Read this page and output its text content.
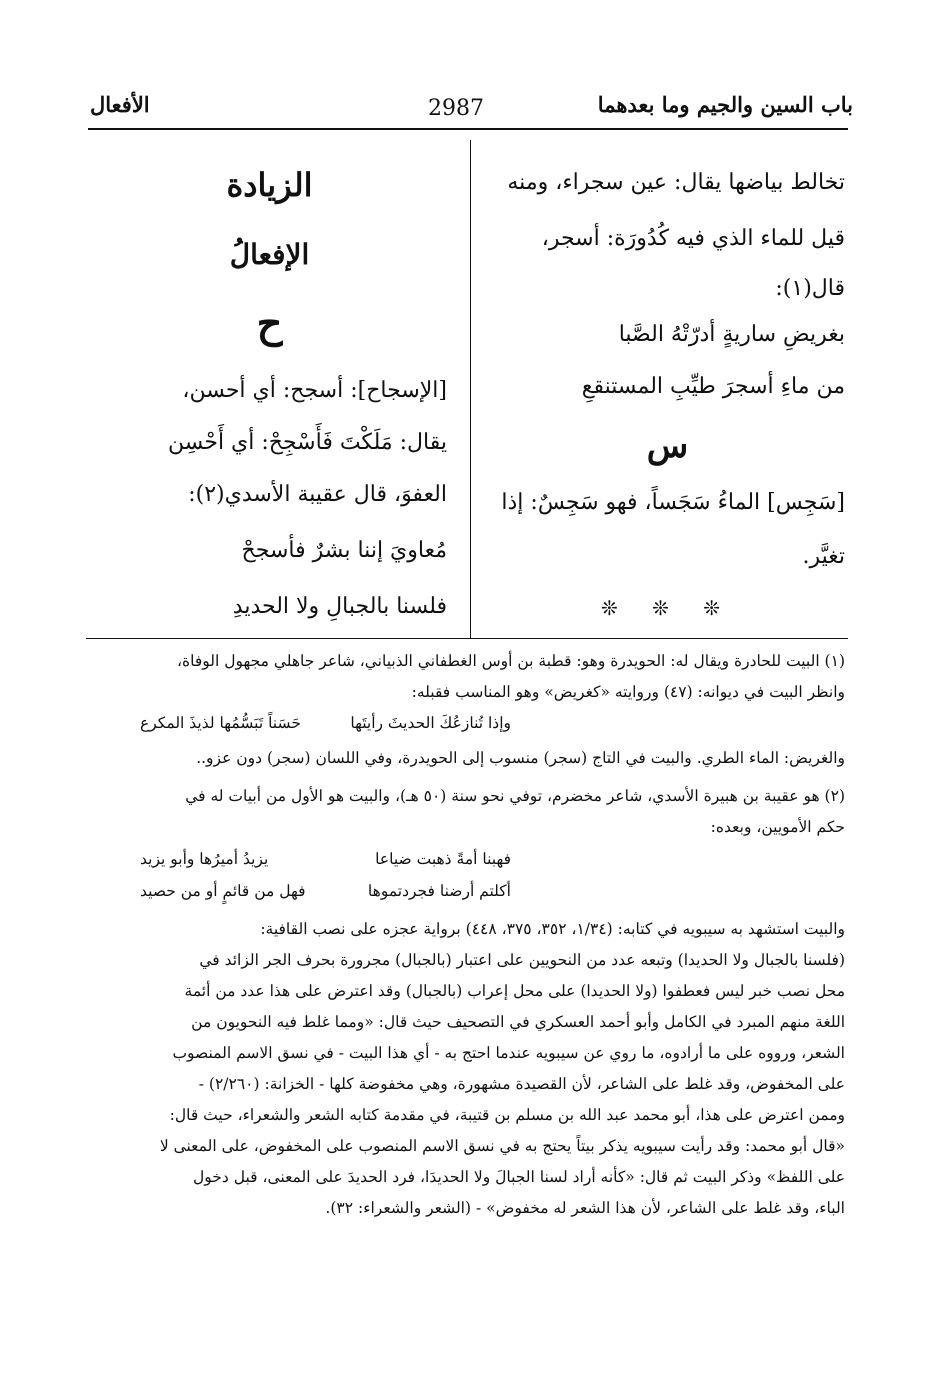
باب السين والجيم وما بعدهما
2987
الأفعال
تخالط بياضها يقال: عين سجراء، ومنه
قيل للماء الذي فيه كُدُورَة: أسجر،
قال(١):
بغريضِ ساريةٍ أدرّتْهُ الصَّبا
من ماءِ أسجرَ طيِّبِ المستنقعِ
س
[سَجِس] الماءُ سَجَساً، فهو سَجِسٌ: إذا
تغيَّر.
❊ ❊ ❊
الزيادة
الإفعالُ
ح
[الإسجاح]: أسجح: أي أحسن،
يقال: مَلَكْتَ فَأَسْجِحْ: أي أَحْسِن
العفوَ، قال عقيبة الأسدي(٢):
مُعاويَ إننا بشرٌ فأسجحْ
فلسنا بالجبالِ ولا الحديدِ
(١) البيت للحادرة ويقال له: الحويدرة وهو: قطبة بن أوس الغطفاني الذبياني، شاعر جاهلي مجهول الوفاة،
وانظر البيت في ديوانه: (٤٧) وروايته «كغريض» وهو المناسب فقبله:
وإذا تُنازعُكَ الحديثَ رأيتَها
حَسَناً تَبَسُّمُها لذيذَ المكرع
والغريض: الماء الطري. والبيت في التاج (سجر) منسوب إلى الحويدرة، وفي اللسان (سجر) دون عزو..
(٢) هو عقيبة بن هبيرة الأسدي، شاعر مخضرم، توفي نحو سنة (٥٠ هـ)، والبيت هو الأول من أبيات له في
حكم الأمويين، وبعده:
فهبنا أمةً ذهبت ضياعا
يزيدُ أميرُها وأبو يزيد
أكلتم أرضنا فجردتموها
فهل من قائمٍ أو من حصيد
والبيت استشهد به سيبويه في كتابه: (١/٣٤، ٣٥٢، ٣٧٥، ٤٤٨) برواية عجزه على نصب القافية:
(فلسنا بالجبال ولا الحديدا) وتبعه عدد من النحويين على اعتبار (بالجبال) مجرورة بحرف الجر الزائد في
محل نصب خبر ليس فعطفوا (ولا الحديدا) على محل إعراب (بالجبال) وقد اعترض على هذا عدد من أئمة
اللغة منهم المبرد في الكامل وأبو أحمد العسكري في التصحيف حيث قال: «ومما غلط فيه النحويون من
الشعر، ورووه على ما أرادوه، ما روي عن سيبويه عندما احتج به - أي هذا البيت - في نسق الاسم المنصوب
على المخفوض، وقد غلط على الشاعر، لأن القصيدة مشهورة، وهي مخفوضة كلها - الخزانة: (٢/٢٦٠) -
وممن اعترض على هذا، أبو محمد عبد الله بن مسلم بن قتيبة، في مقدمة كتابه الشعر والشعراء، حيث قال:
«قال أبو محمد: وقد رأيت سيبويه يذكر بيتاً يحتج به في نسق الاسم المنصوب على المخفوض، على المعنى لا
على اللفظ» وذكر البيت ثم قال: «كأنه أراد لسنا الجبالَ ولا الحديدَا، فرد الحديدَ على المعنى، قبل دخول
الباء، وقد غلط على الشاعر، لأن هذا الشعر له مخفوض» - (الشعر والشعراء: ٣٢).
